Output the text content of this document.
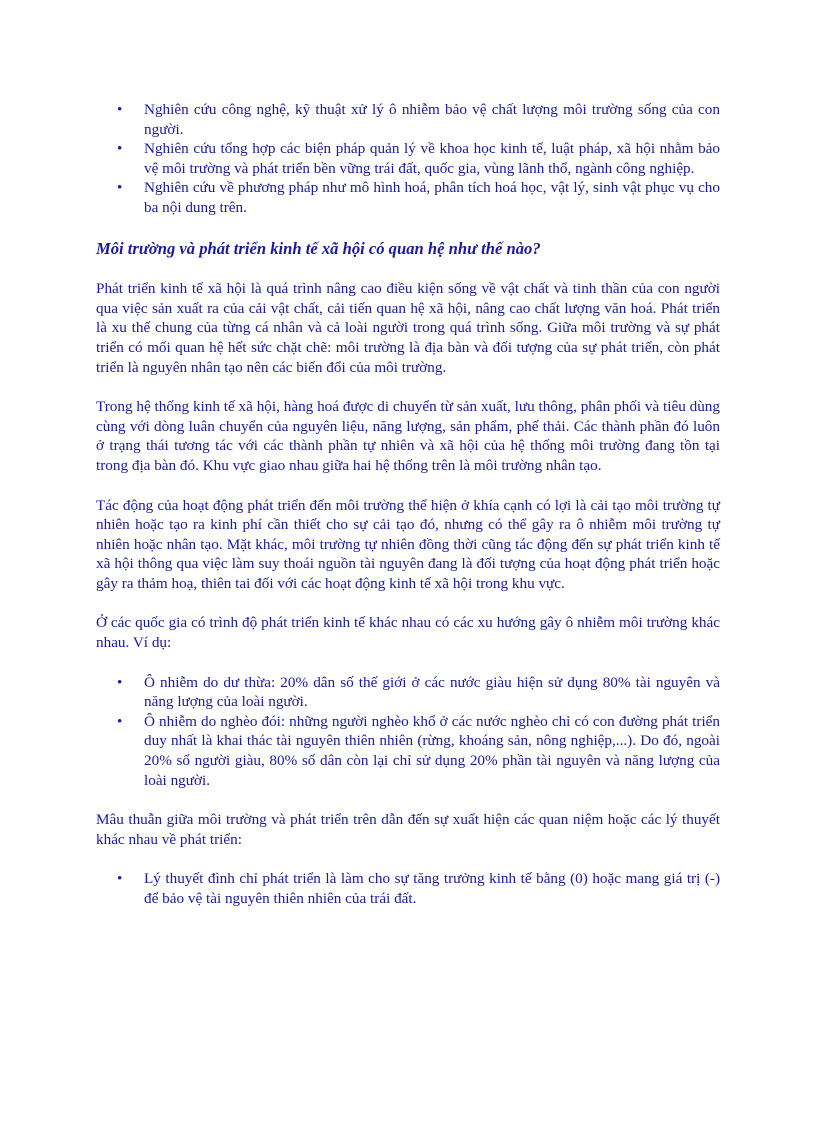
• Nghiên cứu công nghệ, kỹ thuật xử lý ô nhiễm bảo vệ chất lượng môi trường sống của con người.
• Nghiên cứu tổng hợp các biện pháp quản lý về khoa học kinh tế, luật pháp, xã hội nhằm bảo vệ môi trường và phát triển bền vững trái đất, quốc gia, vùng lãnh thổ, ngành công nghiệp.
• Nghiên cứu về phương pháp như mô hình hoá, phân tích hoá học, vật lý, sinh vật phục vụ cho ba nội dung trên.

Môi trường và phát triển kinh tế xã hội có quan hệ như thế nào?

Phát triển kinh tế xã hội là quá trình nâng cao điều kiện sống về vật chất và tinh thần của con người qua việc sản xuất ra của cải vật chất, cải tiến quan hệ xã hội, nâng cao chất lượng văn hoá. Phát triển là xu thế chung của từng cá nhân và cả loài người trong quá trình sống. Giữa môi trường và sự phát triển có mối quan hệ hết sức chặt chẽ: môi trường là địa bàn và đối tượng của sự phát triển, còn phát triển là nguyên nhân tạo nên các biến đổi của môi trường.

Trong hệ thống kinh tế xã hội, hàng hoá được di chuyển từ sản xuất, lưu thông, phân phối và tiêu dùng cùng với dòng luân chuyển của nguyên liệu, năng lượng, sản phẩm, phế thải. Các thành phần đó luôn ở trạng thái tương tác với các thành phần tự nhiên và xã hội của hệ thống môi trường đang tồn tại trong địa bàn đó. Khu vực giao nhau giữa hai hệ thống trên là môi trường nhân tạo.

Tác động của hoạt động phát triển đến môi trường thể hiện ở khía cạnh có lợi là cải tạo môi trường tự nhiên hoặc tạo ra kinh phí cần thiết cho sự cải tạo đó, nhưng có thể gây ra ô nhiễm môi trường tự nhiên hoặc nhân tạo. Mặt khác, môi trường tự nhiên đồng thời cũng tác động đến sự phát triển kinh tế xã hội thông qua việc làm suy thoái nguồn tài nguyên đang là đối tượng của hoạt động phát triển hoặc gây ra thảm hoạ, thiên tai đối với các hoạt động kinh tế xã hội trong khu vực.

Ở các quốc gia có trình độ phát triển kinh tế khác nhau có các xu hướng gây ô nhiễm môi trường khác nhau. Ví dụ:

• Ô nhiễm do dư thừa: 20% dân số thế giới ở các nước giàu hiện sử dụng 80% tài nguyên và năng lượng của loài người.
• Ô nhiễm do nghèo đói: những người nghèo khổ ở các nước nghèo chỉ có con đường phát triển duy nhất là khai thác tài nguyên thiên nhiên (rừng, khoáng sản, nông nghiệp,...). Do đó, ngoài 20% số người giàu, 80% số dân còn lại chỉ sử dụng 20% phần tài nguyên và năng lượng của loài người.

Mâu thuẫn giữa môi trường và phát triển trên dẫn đến sự xuất hiện các quan niệm hoặc các lý thuyết khác nhau về phát triển:

• Lý thuyết đình chỉ phát triển là làm cho sự tăng trưởng kinh tế bằng (0) hoặc mang giá trị (-) để bảo vệ tài nguyên thiên nhiên của trái đất.
